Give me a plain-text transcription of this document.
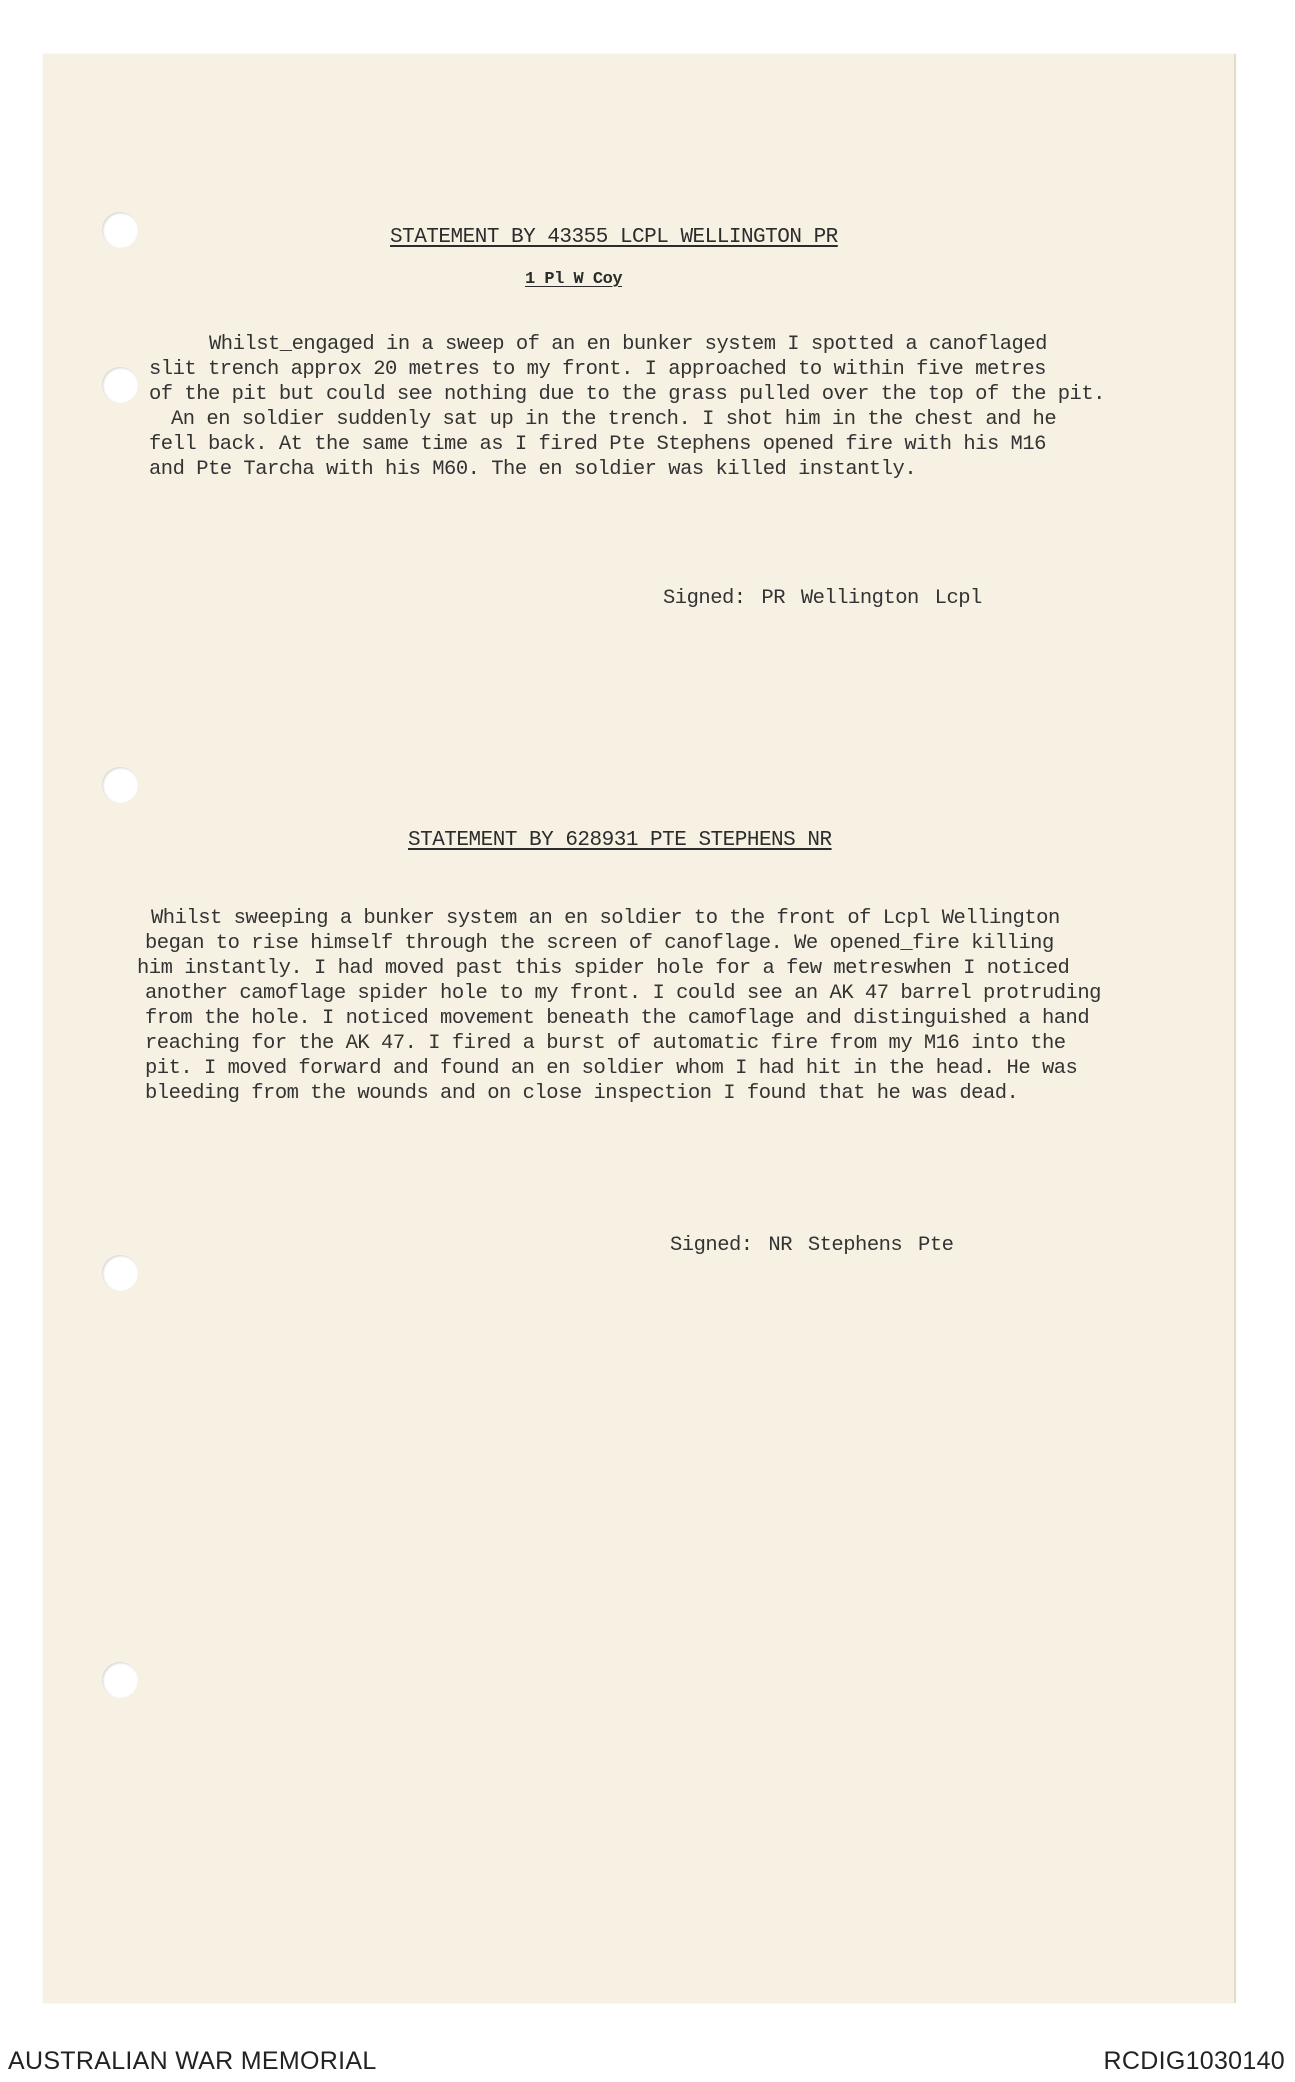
STATEMENT BY 43355 LCPL WELLINGTON PR
1 Pl W Coy
Whilst_engaged in a sweep of an en bunker system I spotted a canoflaged
slit trench approx 20 metres to my front. I approached to within five metres
of the pit but could see nothing due to the grass pulled over the top of the pit.
An en soldier suddenly sat up in the trench. I shot him in the chest and he
fell back. At the same time as I fired Pte Stephens opened fire with his M16
and Pte Tarcha with his M60. The en soldier was killed instantly.
Signed: PR Wellington Lcpl
STATEMENT BY 628931 PTE STEPHENS NR
Whilst sweeping a bunker system an en soldier to the front of Lcpl Wellington
began to rise himself through the screen of canoflage. We opened_fire killing
him instantly. I had moved past this spider hole for a few metreswhen I noticed
another camoflage spider hole to my front. I could see an AK 47 barrel protruding
from the hole. I noticed movement beneath the camoflage and distinguished a hand
reaching for the AK 47. I fired a burst of automatic fire from my M16 into the
pit. I moved forward and found an en soldier whom I had hit in the head. He was
bleeding from the wounds and on close inspection I found that he was dead.
Signed: NR Stephens Pte
AUSTRALIAN WAR MEMORIAL	RCDIG1030140
